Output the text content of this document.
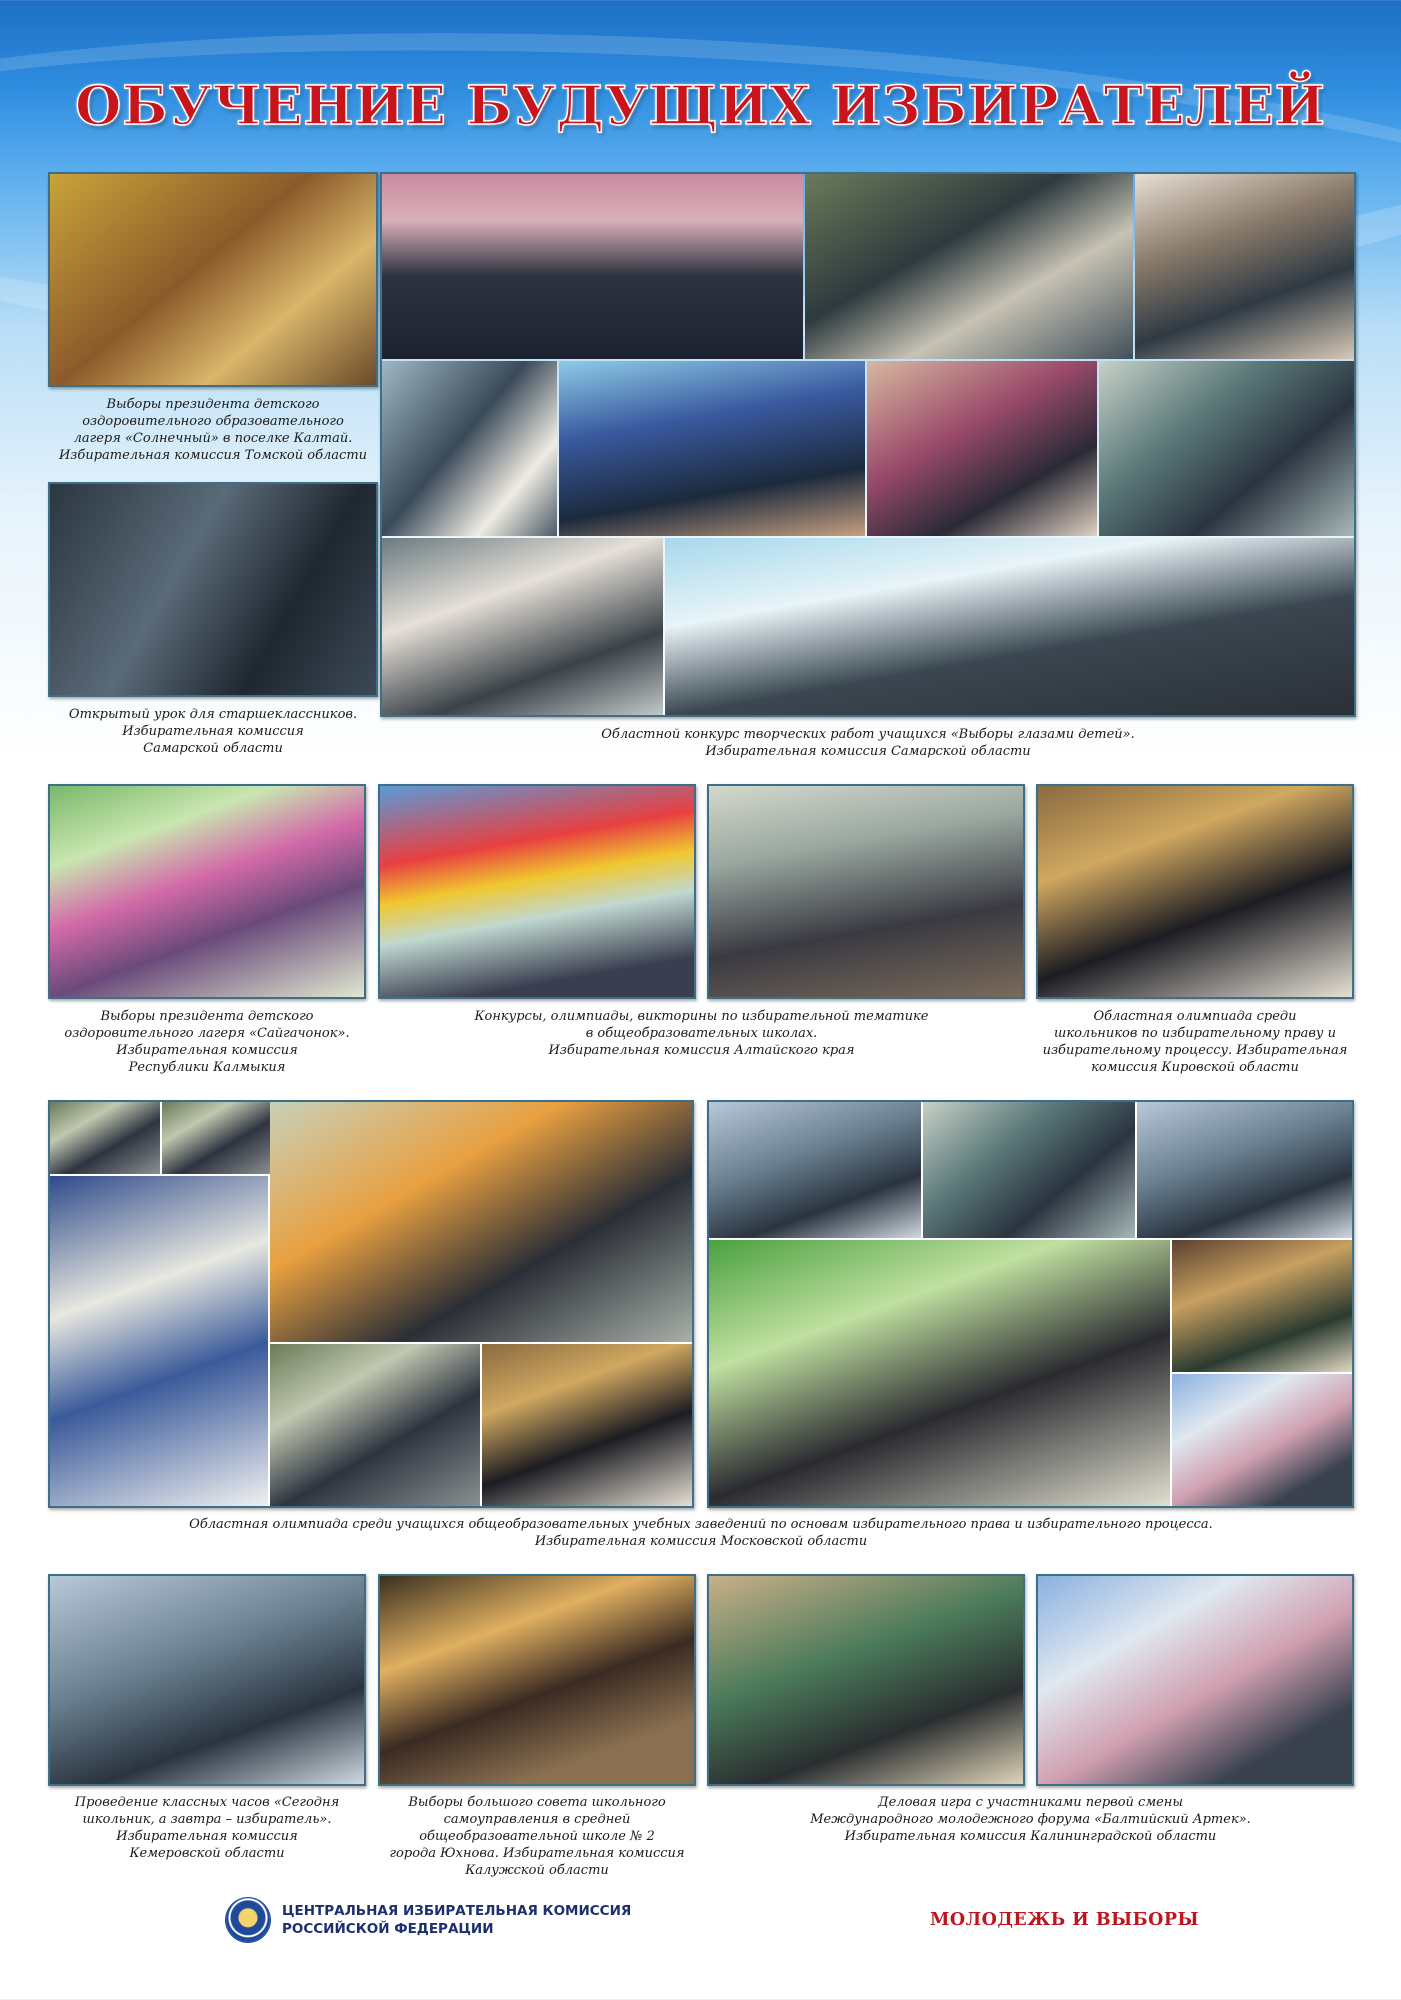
ОБУЧЕНИЕ БУДУЩИХ ИЗБИРАТЕЛЕЙ
Выборы президента детского
оздоровительного образовательного
лагеря «Солнечный» в поселке Калтай.
Избирательная комиссия Томской области
Открытый урок для старшеклассников.
Избирательная комиссия
Самарской области
Областной конкурс творческих работ учащихся «Выборы глазами детей».
Избирательная комиссия Самарской области
Выборы президента детского
оздоровительного лагеря «Сайгачонок».
Избирательная комиссия
Республики Калмыкия
Конкурсы, олимпиады, викторины по избирательной тематике
в общеобразовательных школах.
Избирательная комиссия Алтайского края
Областная олимпиада среди
школьников по избирательному праву и
избирательному процессу. Избирательная
комиссия Кировской области
Областная олимпиада среди учащихся общеобразовательных учебных заведений по основам избирательного права и избирательного процесса.
Избирательная комиссия Московской области
Проведение классных часов «Сегодня
школьник, а завтра – избиратель».
Избирательная комиссия
Кемеровской области
Выборы большого совета школьного
самоуправления в средней
общеобразовательной школе № 2
города Юхнова. Избирательная комиссия
Калужской области
Деловая игра с участниками первой смены
Международного молодежного форума «Балтийский Артек».
Избирательная комиссия Калининградской области
ЦЕНТРАЛЬНАЯ ИЗБИРАТЕЛЬНАЯ КОМИССИЯ
РОССИЙСКОЙ ФЕДЕРАЦИИ	МОЛОДЕЖЬ И ВЫБОРЫ
